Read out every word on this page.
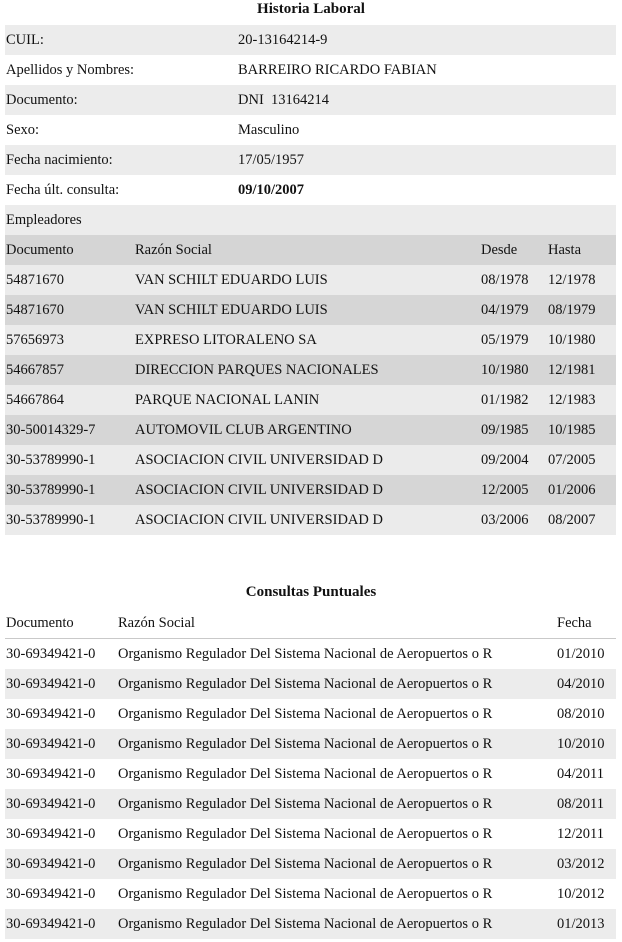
Historia Laboral
CUIL:	20-13164214-9
Apellidos y Nombres:	BARREIRO RICARDO FABIAN
Documento:	DNI  13164214
Sexo:	Masculino
Fecha nacimiento:	17/05/1957
Fecha últ. consulta:	09/10/2007
Empleadores
Documento	Razón Social	Desde Hasta
54871670	VAN SCHILT EDUARDO LUIS	08/1978 12/1978
54871670	VAN SCHILT EDUARDO LUIS	04/1979 08/1979
57656973	EXPRESO LITORALENO SA	05/1979 10/1980
54667857	DIRECCION PARQUES NACIONALES	10/1980 12/1981
54667864	PARQUE NACIONAL LANIN	01/1982 12/1983
30-50014329-7	AUTOMOVIL CLUB ARGENTINO	09/1985 10/1985
30-53789990-1	ASOCIACION CIVIL UNIVERSIDAD D	09/2004 07/2005
30-53789990-1	ASOCIACION CIVIL UNIVERSIDAD D	12/2005 01/2006
30-53789990-1	ASOCIACION CIVIL UNIVERSIDAD D	03/2006 08/2007
Consultas Puntuales
Documento	Razón Social	Fecha
30-69349421-0 Organismo Regulador Del Sistema Nacional de Aeropuertos o R	01/2010
30-69349421-0 Organismo Regulador Del Sistema Nacional de Aeropuertos o R	04/2010
30-69349421-0 Organismo Regulador Del Sistema Nacional de Aeropuertos o R	08/2010
30-69349421-0 Organismo Regulador Del Sistema Nacional de Aeropuertos o R	10/2010
30-69349421-0 Organismo Regulador Del Sistema Nacional de Aeropuertos o R	04/2011
30-69349421-0 Organismo Regulador Del Sistema Nacional de Aeropuertos o R	08/2011
30-69349421-0 Organismo Regulador Del Sistema Nacional de Aeropuertos o R	12/2011
30-69349421-0 Organismo Regulador Del Sistema Nacional de Aeropuertos o R	03/2012
30-69349421-0 Organismo Regulador Del Sistema Nacional de Aeropuertos o R	10/2012
30-69349421-0 Organismo Regulador Del Sistema Nacional de Aeropuertos o R	01/2013
